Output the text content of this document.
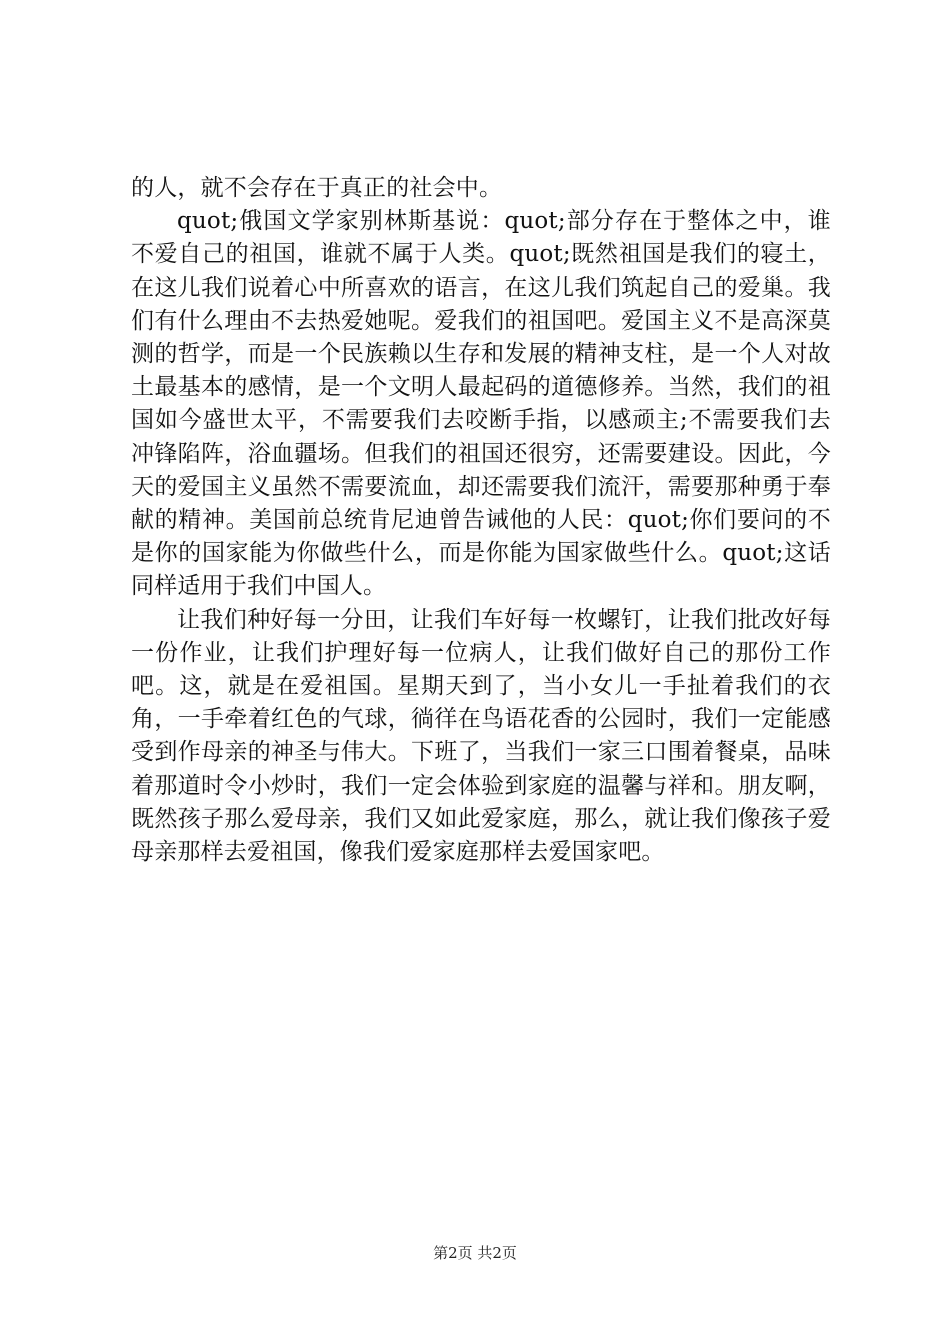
的人，就不会存在于真正的社会中。

quot;俄国文学家别林斯基说：quot;部分存在于整体之中，谁不爱自己的祖国，谁就不属于人类。quot;既然祖国是我们的寝土，在这儿我们说着心中所喜欢的语言，在这儿我们筑起自己的爱巢。我们有什么理由不去热爱她呢。爱我们的祖国吧。爱国主义不是高深莫测的哲学，而是一个民族赖以生存和发展的精神支柱，是一个人对故土最基本的感情，是一个文明人最起码的道德修养。当然，我们的祖国如今盛世太平，不需要我们去咬断手指，以感顽主;不需要我们去冲锋陷阵，浴血疆场。但我们的祖国还很穷，还需要建设。因此，今天的爱国主义虽然不需要流血，却还需要我们流汗，需要那种勇于奉献的精神。美国前总统肯尼迪曾告诫他的人民：quot;你们要问的不是你的国家能为你做些什么，而是你能为国家做些什么。quot;这话同样适用于我们中国人。

让我们种好每一分田，让我们车好每一枚螺钉，让我们批改好每一份作业，让我们护理好每一位病人，让我们做好自己的那份工作吧。这，就是在爱祖国。星期天到了，当小女儿一手扯着我们的衣角，一手牵着红色的气球，徜徉在鸟语花香的公园时，我们一定能感受到作母亲的神圣与伟大。下班了，当我们一家三口围着餐桌，品味着那道时令小炒时，我们一定会体验到家庭的温馨与祥和。朋友啊，既然孩子那么爱母亲，我们又如此爱家庭，那么，就让我们像孩子爱母亲那样去爱祖国，像我们爱家庭那样去爱国家吧。

第2页 共2页
